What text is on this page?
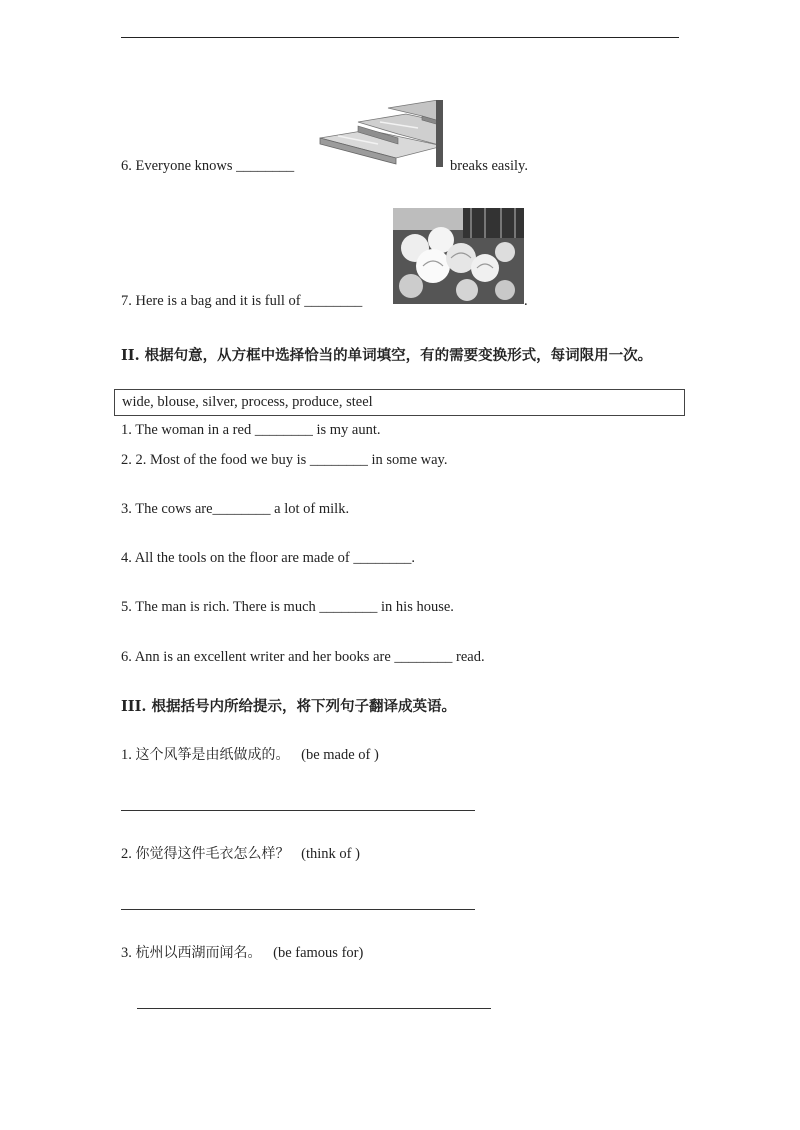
6. Everyone knows ________	breaks easily.
7. Here is a bag and it is full of ________	.
II. 根据句意，从方框中选择恰当的单词填空，有的需要变换形式，每词限用一次。
wide, blouse, silver, process, produce, steel
1. The woman in a red ________ is my aunt.
2. 2. Most of the food we buy is ________ in some way.
3. The cows are________ a lot of milk.
4. All the tools on the floor are made of ________.
5. The man is rich. There is much ________ in his house.
6. Ann is an excellent writer and her books are ________ read.
III. 根据括号内所给提示，将下列句子翻译成英语。
1. 这个风筝是由纸做成的。 (be made of )
2. 你觉得这件毛衣怎么样？ (think of )
3. 杭州以西湖而闻名。 (be famous for)
